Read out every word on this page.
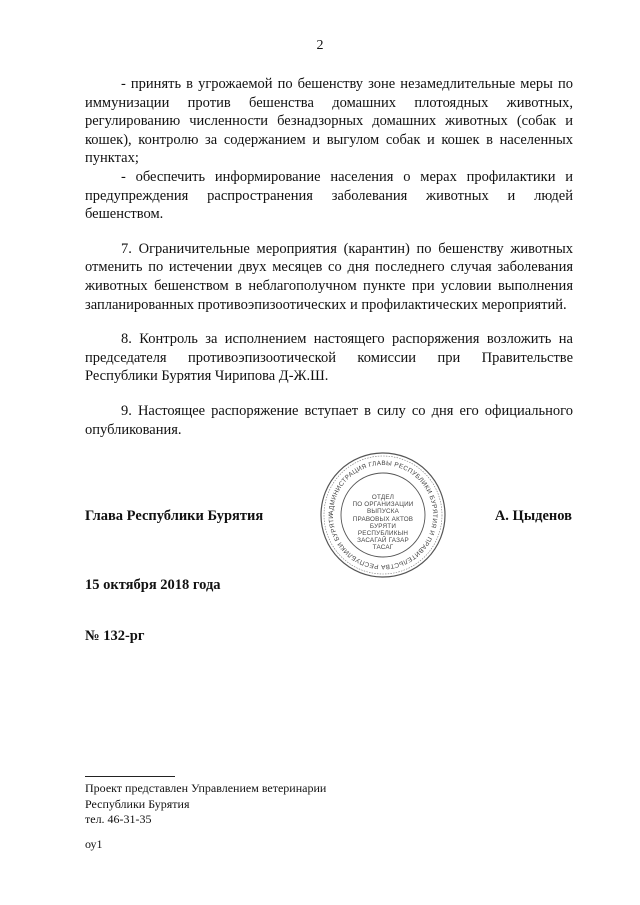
2

- принять в угрожаемой по бешенству зоне незамедлительные меры по иммунизации против бешенства домашних плотоядных животных, регулированию численности безнадзорных домашних животных (собак и кошек), контролю за содержанием и выгулом собак и кошек в населенных пунктах;

- обеспечить информирование населения о мерах профилактики и предупреждения распространения заболевания животных и людей бешенством.

7. Ограничительные мероприятия (карантин) по бешенству животных отменить по истечении двух месяцев со дня последнего случая заболевания животных бешенством в неблагополучном пункте при условии выполнения запланированных противоэпизоотических и профилактических мероприятий.

8. Контроль за исполнением настоящего распоряжения возложить на председателя противоэпизоотической комиссии при Правительстве Республики Бурятия Чирипова Д-Ж.Ш.

9. Настоящее распоряжение вступает в силу со дня его официального опубликования.

Глава Республики Бурятия	А. Цыденов
АДМИНИСТРАЦИЯ ГЛАВЫ РЕСПУБЛИКИ БУРЯТИЯ И ПРАВИТЕЛЬСТВА РЕСПУБЛИКИ БУРЯТИ
ОТДЕЛ
ПО ОРГАНИЗАЦИИ
ВЫПУСКА
ПРАВОВЫХ АКТОВ
БУРЯТИ
РЕСПУБЛИКЫН
ЗАСАГАЙ ГАЗАР
ТАСАГ
15 октября 2018 года
№ 132-рг
Проект представлен Управлением ветеринарии
Республики Бурятия
тел. 46-31-35
оу1
